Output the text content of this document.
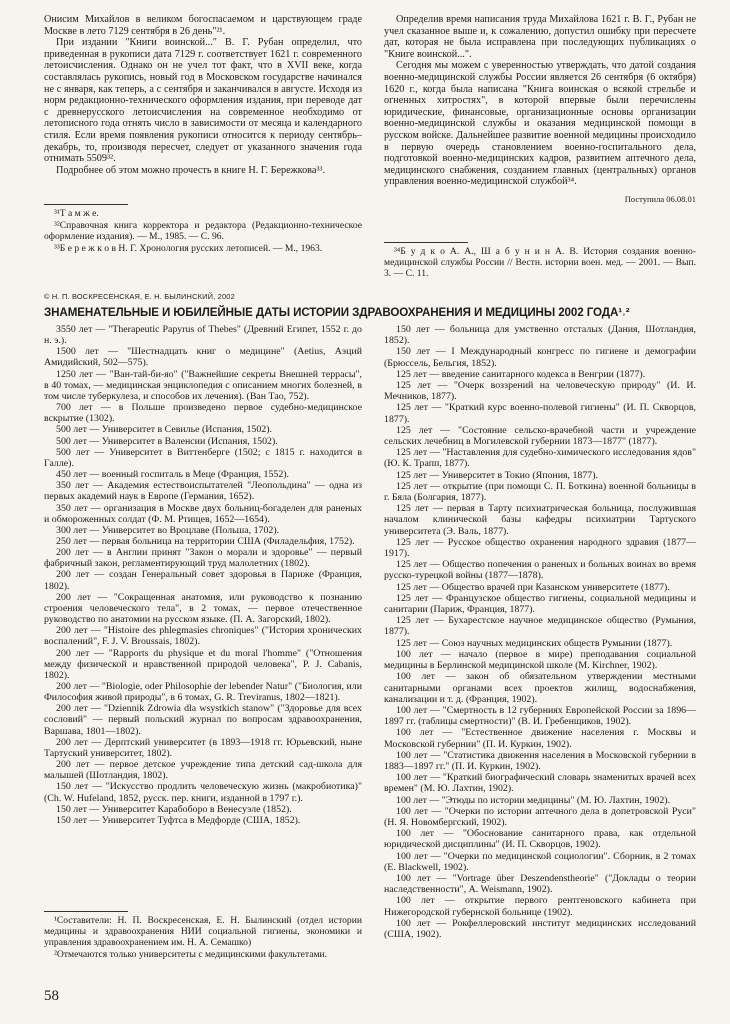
Онисим Михайлов в великом богоспасаемом и царствующем граде Москве в лето 7129 сентября в 26 день"²¹.

При издании "Книги воинской..." В. Г. Рубан определил, что приведенная в рукописи дата 7129 г. соответствует 1621 г. современного летоисчисления. Однако он не учел тот факт, что в XVII веке, когда составлялась рукопись, новый год в Московском государстве начинался не с января, как теперь, а с сентября и заканчивался в августе. Исходя из норм редакционно-технического оформления издания, при переводе дат с древнерусского летоисчисления на современное необходимо от летописного года отнять число в зависимости от месяца и календарного стиля. Если время появления рукописи относится к периоду сентябрь–декабрь, то, производя пересчет, следует от указанного значения года отнимать 5509³².

Подробнее об этом можно прочесть в книге Н. Г. Бережкова³³.

Определив время написания труда Михайлова 1621 г. В. Г., Рубан не учел сказанное выше и, к сожалению, допустил ошибку при пересчете дат, которая не была исправлена при последующих публикациях о "Книге воинской...".

Сегодня мы можем с уверенностью утверждать, что датой создания военно-медицинской службы России является 26 сентября (6 октября) 1620 г., когда была написана "Книга воинская о всякой стрельбе и огненных хитростях", в которой впервые были перечислены юридические, финансовые, организационные основы организации военно-медицинской службы и оказания медицинской помощи в русском войске. Дальнейшее развитие военной медицины происходило в первую очередь становлением военно-госпитального дела, подготовкой военно-медицинских кадров, развитием аптечного дела, медицинского снабжения, созданием главных (центральных) органов управления военно-медицинской службой³⁴.

Поступила 06.08.01

³¹Т а м ж е.

³²Справочная книга корректора и редактора (Редакционно-техническое оформление издания). — М., 1985. — С. 96.

³³Б е р е ж к о в Н. Г. Хронология русских летописей. — М., 1963.	³⁴Б у д к о А. А., Ш а б у н и н А. В. История создания военно-медицинской службы России // Вестн. истории воен. мед. — 2001. — Вып. 3. — С. 11.

© Н. П. ВОСКРЕСЕНСКАЯ, Е. Н. БЫЛИНСКИЙ, 2002
ЗНАМЕНАТЕЛЬНЫЕ И ЮБИЛЕЙНЫЕ ДАТЫ ИСТОРИИ ЗДРАВООХРАНЕНИЯ И МЕДИЦИНЫ 2002 ГОДА¹˒²

3550 лет — "Therapeutic Papyrus of Thebes" (Древний Египет, 1552 г. до н. э.).

1500 лет — "Шестнадцать книг о медицине" (Aetius, Аэций Амидийский, 502—575).

1250 лет — "Ван-тай-би-яо" ("Важнейшие секреты Внешней террасы", в 40 томах, — медицинская энциклопедия с описанием многих болезней, в том числе туберкулеза, и способов их лечения). (Ван Тао, 752).

700 лет — в Польше произведено первое судебно-медицинское вскрытие (1302).

500 лет — Университет в Севилье (Испания, 1502).

500 лет — Университет в Валенсии (Испания, 1502).

500 лет — Университет в Виттенберге (1502; с 1815 г. находится в Галле).

450 лет — военный госпиталь в Меце (Франция, 1552).

350 лет — Академия естествоиспытателей "Леопольдина" — одна из первых академий наук в Европе (Германия, 1652).

350 лет — организация в Москве двух больниц-богаделен для раненых и обмороженных солдат (Ф. М. Ртищев, 1652—1654).

300 лет — Университет во Вроцлаве (Польша, 1702).

250 лет — первая больница на территории США (Филадельфия, 1752).

200 лет — в Англии принят "Закон о морали и здоровье" — первый фабричный закон, регламентирующий труд малолетних (1802).

200 лет — создан Генеральный совет здоровья в Париже (Франция, 1802).

200 лет — "Сокращенная анатомия, или руководство к познанию строения человеческого тела", в 2 томах, — первое отечественное руководство по анатомии на русском языке. (П. А. Загорский, 1802).

200 лет — "Histoire des phlegmasies chroniques" ("История хронических воспалений", F. J. V. Broussais, 1802).

200 лет — "Rapports du physique et du moral l'homme" ("Отношения между физической и нравственной природой человека", P. J. Cabanis, 1802).

200 лет — "Biologie, oder Philosophie der lebender Natur" ("Биология, или Философия живой природы", в 6 томах, G. R. Treviranus, 1802—1821).

200 лет — "Dziennik Zdrowia dla wsystkich stanow" ("Здоровье для всех сословий" — первый польский журнал по вопросам здравоохранения, Варшава, 1801—1802).

200 лет — Дерптский университет (в 1893—1918 гг. Юрьевский, ныне Тартуский университет, 1802).

200 лет — первое детское учреждение типа детский сад-школа для малышей (Шотландия, 1802).

150 лет — "Искусство продлить человеческую жизнь (макробиотика)" (Ch. W. Hufeland, 1852, русск. пер. книги, изданной в 1797 г.).

150 лет — Университет Карабоборо в Венесуэле (1852).

150 лет — Университет Туфтса в Медфорде (США, 1852).

150 лет — больница для умственно отсталых (Дания, Шотландия, 1852).

150 лет — I Международный конгресс по гигиене и демографии (Брюссель, Бельгия, 1852).

125 лет — введение санитарного кодекса в Венгрии (1877).

125 лет — "Очерк воззрений на человеческую природу" (И. И. Мечников, 1877).

125 лет — "Краткий курс военно-полевой гигиены" (И. П. Скворцов, 1877).

125 лет — "Состояние сельско-врачебной части и учреждение сельских лечебниц в Могилевской губернии 1873—1877" (1877).

125 лет — "Наставления для судебно-химического исследования ядов" (Ю. К. Трапп, 1877).

125 лет — Университет в Токио (Япония, 1877).

125 лет — открытие (при помощи С. П. Боткина) военной больницы в г. Бяла (Болгария, 1877).

125 лет — первая в Тарту психиатрическая больница, послужившая началом клинической базы кафедры психиатрии Тартуского университета (Э. Валь, 1877).

125 лет — Русское общество охранения народного здравия (1877—1917).

125 лет — Общество попечения о раненых и больных воинах во время русско-турецкой войны (1877—1878).

125 лет — Общество врачей при Казанском университете (1877).

125 лет — Французское общество гигиены, социальной медицины и санитарии (Париж, Франция, 1877).

125 лет — Бухарестское научное медицинское общество (Румыния, 1877).

125 лет — Союз научных медицинских обществ Румынии (1877).

100 лет — начало (первое в мире) преподавания социальной медицины в Берлинской медицинской школе (M. Kirchner, 1902).

100 лет — закон об обязательном утверждении местными санитарными органами всех проектов жилищ, водоснабжения, канализации и т. д. (Франция, 1902).

100 лет — "Смертность в 12 губерниях Европейской России за 1896—1897 гг. (таблицы смертности)" (В. И. Гребенщиков, 1902).

100 лет — "Естественное движение населения г. Москвы и Московской губернии" (П. И. Куркин, 1902).

100 лет — "Статистика движения населения в Московской губернии в 1883—1897 гг." (П. И. Куркин, 1902).

100 лет — "Краткий биографический словарь знаменитых врачей всех времен" (М. Ю. Лахтин, 1902).

100 лет — "Этюды по истории медицины" (М. Ю. Лахтин, 1902).

100 лет — "Очерки по истории аптечного дела в допетровской Руси" (Н. Я. Новомбергский, 1902).

100 лет — "Обоснование санитарного права, как отдельной юридической дисциплины" (И. П. Скворцов, 1902).

100 лет — "Очерки по медицинской социологии". Сборник, в 2 томах (E. Blackwell, 1902).

100 лет — "Vortrage über Deszendenstheorie" ("Доклады о теории наследственности", A. Weismann, 1902).

100 лет — открытие первого рентгеновского кабинета при Нижегородской губернской больнице (1902).

100 лет — Рокфеллеровский институт медицинских исследований (США, 1902).

¹Составители: Н. П. Воскресенская, Е. Н. Былинский (отдел истории медицины и здравоохранения НИИ социальной гигиены, экономики и управления здравоохранением им. Н. А. Семашко)

²Отмечаются только университеты с медицинскими факультетами.

58
